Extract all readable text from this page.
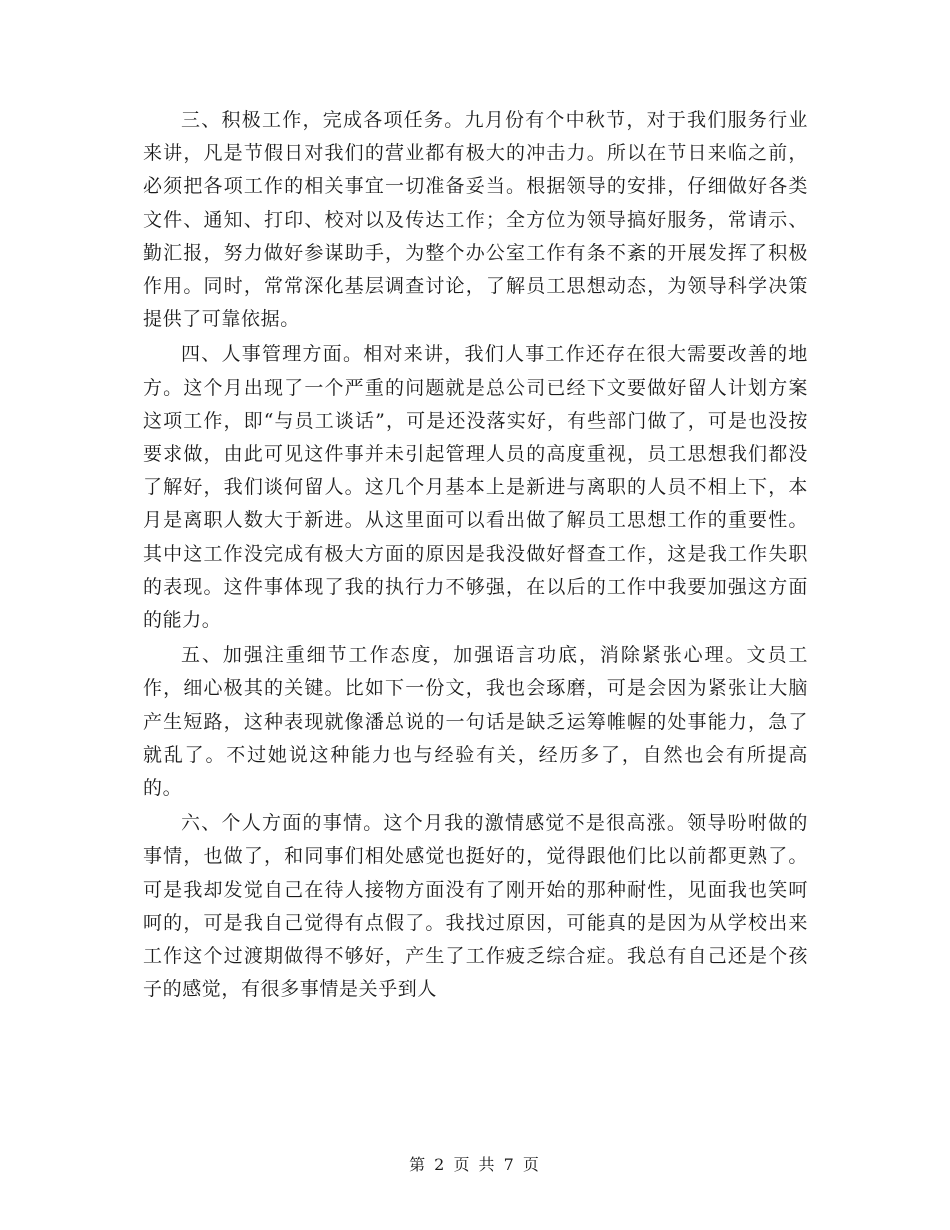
三、积极工作，完成各项任务。九月份有个中秋节，对于我们服务行业来讲，凡是节假日对我们的营业都有极大的冲击力。所以在节日来临之前，必须把各项工作的相关事宜一切准备妥当。根据领导的安排，仔细做好各类文件、通知、打印、校对以及传达工作；全方位为领导搞好服务，常请示、勤汇报，努力做好参谋助手，为整个办公室工作有条不紊的开展发挥了积极作用。同时，常常深化基层调查讨论，了解员工思想动态，为领导科学决策提供了可靠依据。

四、人事管理方面。相对来讲，我们人事工作还存在很大需要改善的地方。这个月出现了一个严重的问题就是总公司已经下文要做好留人计划方案这项工作，即“与员工谈话”，可是还没落实好，有些部门做了，可是也没按要求做，由此可见这件事并未引起管理人员的高度重视，员工思想我们都没了解好，我们谈何留人。这几个月基本上是新进与离职的人员不相上下，本月是离职人数大于新进。从这里面可以看出做了解员工思想工作的重要性。其中这工作没完成有极大方面的原因是我没做好督查工作，这是我工作失职的表现。这件事体现了我的执行力不够强，在以后的工作中我要加强这方面的能力。

五、加强注重细节工作态度，加强语言功底，消除紧张心理。文员工作，细心极其的关键。比如下一份文，我也会琢磨，可是会因为紧张让大脑产生短路，这种表现就像潘总说的一句话是缺乏运筹帷幄的处事能力，急了就乱了。不过她说这种能力也与经验有关，经历多了，自然也会有所提高的。

六、个人方面的事情。这个月我的激情感觉不是很高涨。领导吩咐做的事情，也做了，和同事们相处感觉也挺好的，觉得跟他们比以前都更熟了。可是我却发觉自己在待人接物方面没有了刚开始的那种耐性，见面我也笑呵呵的，可是我自己觉得有点假了。我找过原因，可能真的是因为从学校出来工作这个过渡期做得不够好，产生了工作疲乏综合症。我总有自己还是个孩子的感觉，有很多事情是关乎到人

第 2 页 共 7 页
